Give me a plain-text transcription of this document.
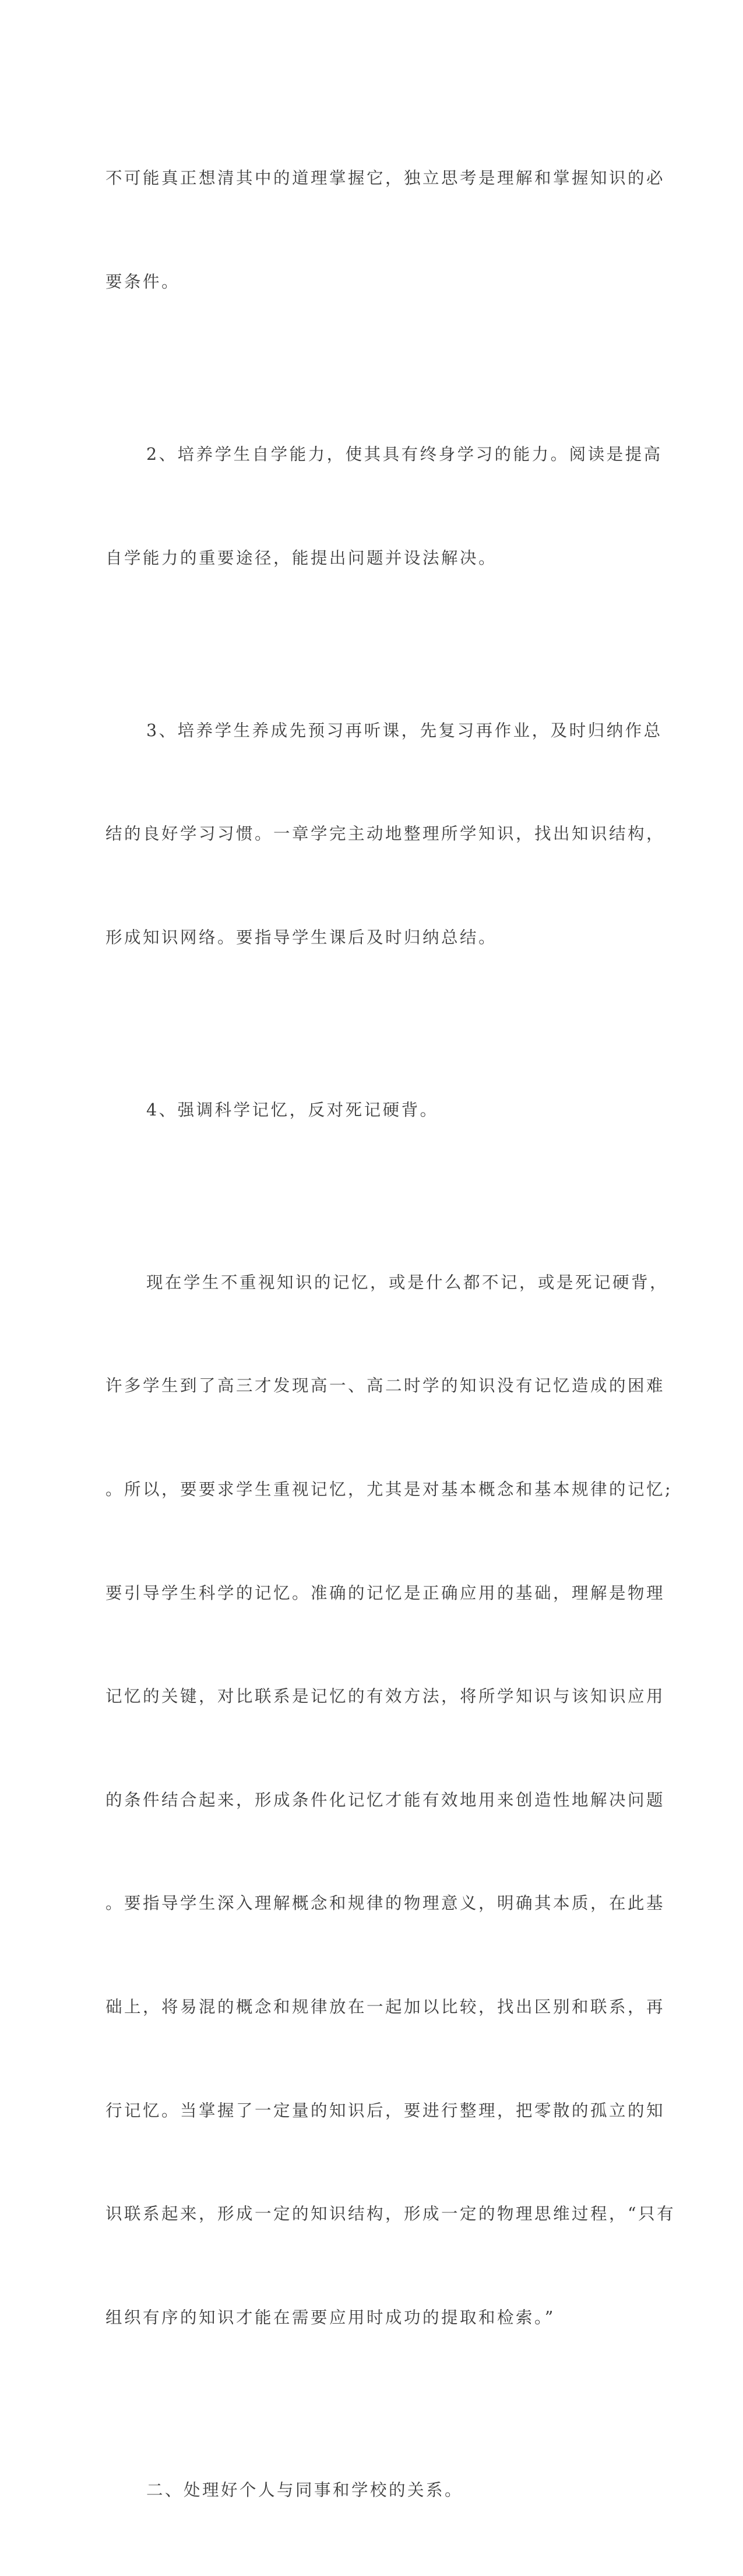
不可能真正想清其中的道理掌握它，独立思考是理解和掌握知识的必

要条件。

2、培养学生自学能力，使其具有终身学习的能力。阅读是提高

自学能力的重要途径，能提出问题并设法解决。

3、培养学生养成先预习再听课，先复习再作业，及时归纳作总

结的良好学习习惯。一章学完主动地整理所学知识，找出知识结构，

形成知识网络。要指导学生课后及时归纳总结。

4、强调科学记忆，反对死记硬背。

现在学生不重视知识的记忆，或是什么都不记，或是死记硬背，

许多学生到了高三才发现高一、高二时学的知识没有记忆造成的困难

。所以，要要求学生重视记忆，尤其是对基本概念和基本规律的记忆;

要引导学生科学的记忆。准确的记忆是正确应用的基础，理解是物理

记忆的关键，对比联系是记忆的有效方法，将所学知识与该知识应用

的条件结合起来，形成条件化记忆才能有效地用来创造性地解决问题

。要指导学生深入理解概念和规律的物理意义，明确其本质，在此基

础上，将易混的概念和规律放在一起加以比较，找出区别和联系，再

行记忆。当掌握了一定量的知识后，要进行整理，把零散的孤立的知

识联系起来，形成一定的知识结构，形成一定的物理思维过程，“只有

组织有序的知识才能在需要应用时成功的提取和检索。”

二、处理好个人与同事和学校的关系。
